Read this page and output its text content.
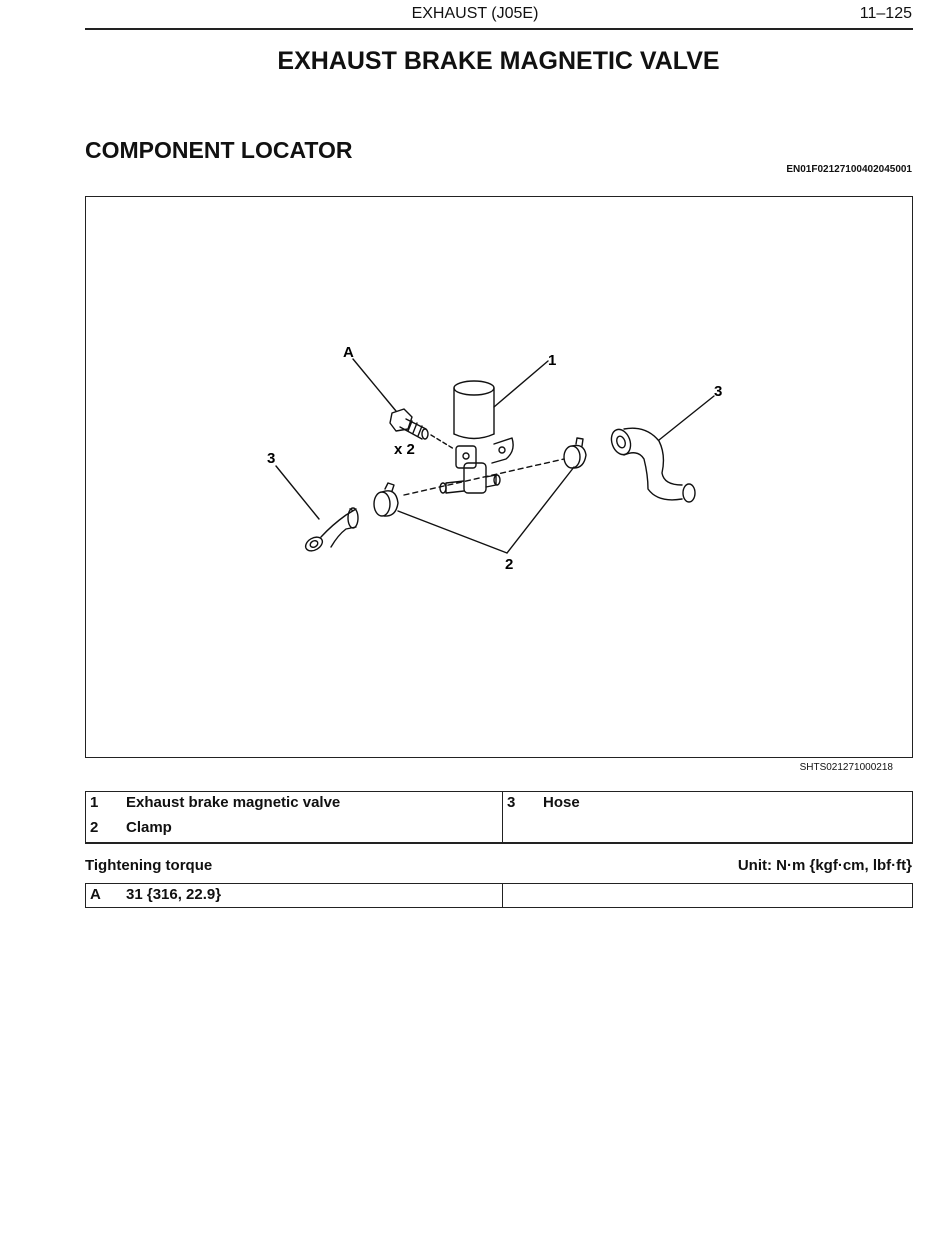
EXHAUST (J05E)	11–125
EXHAUST BRAKE MAGNETIC VALVE
COMPONENT LOCATOR
EN01F02127100402045001
A	1
3
3
2
x 2
SHTS021271000218
1	Exhaust brake magnetic valve	3	Hose
2	Clamp		
Tightening torque	Unit: N·m {kgf·cm, lbf·ft}
A	31 {316, 22.9}	
